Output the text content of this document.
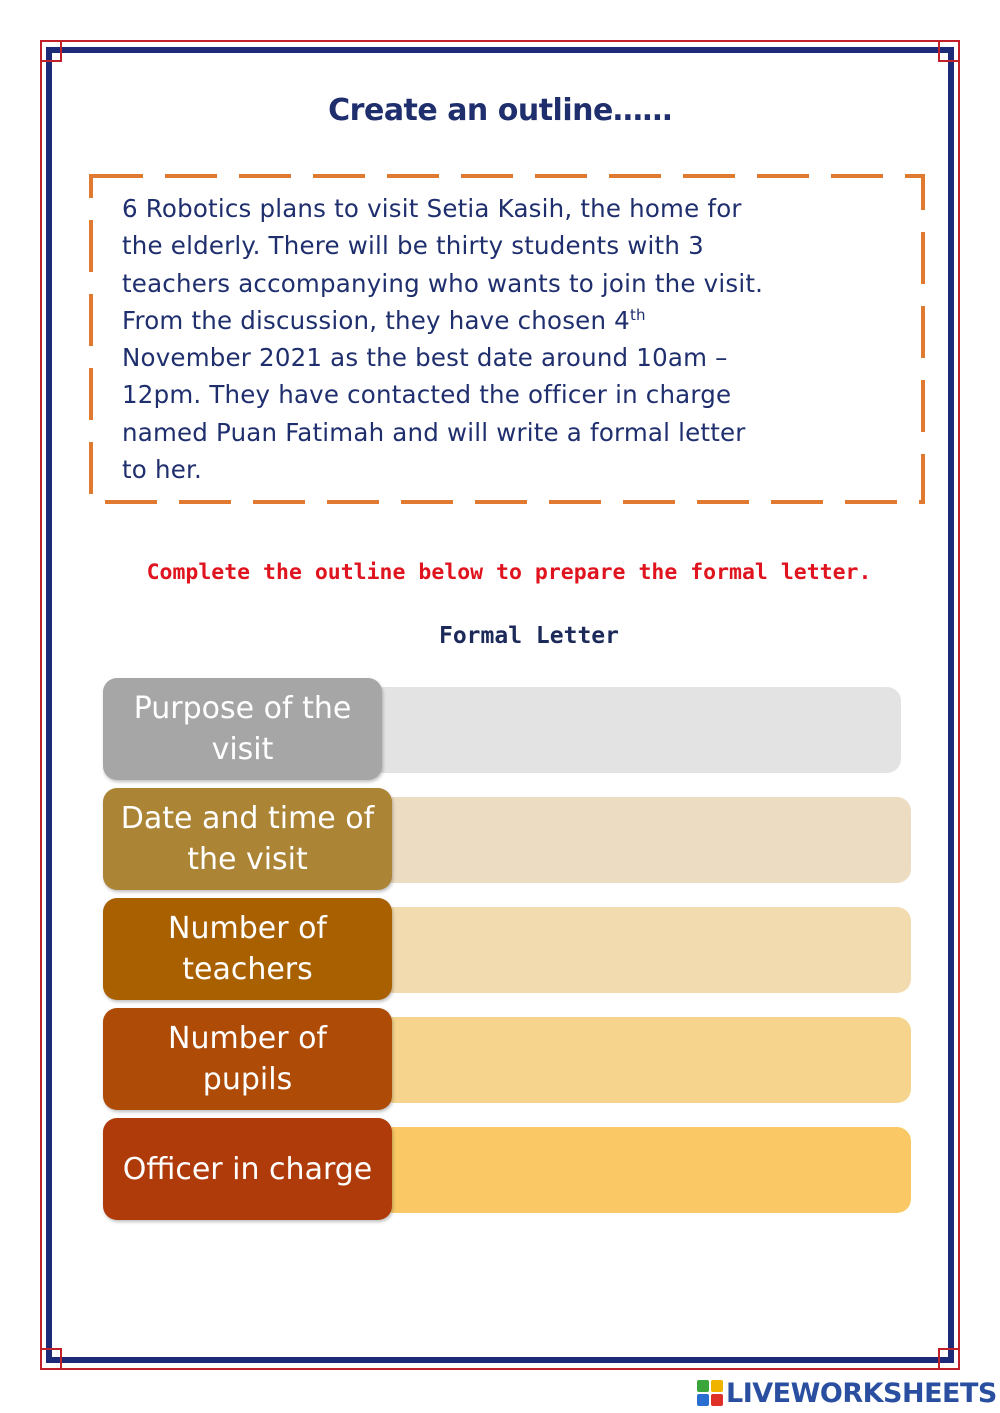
Create an outline……
6 Robotics plans to visit Setia Kasih, the home for
the elderly. There will be thirty students with 3
teachers accompanying who wants to join the visit.
From the discussion, they have chosen 4th
November 2021 as the best date around 10am –
12pm. They have contacted the officer in charge
named Puan Fatimah and will write a formal letter
to her.
Complete the outline below to prepare the formal letter.
Formal Letter
Purpose of the
visit
Date and time of
the visit
Number of
teachers
Number of
pupils
Officer in charge
LIVEWORKSHEETS
